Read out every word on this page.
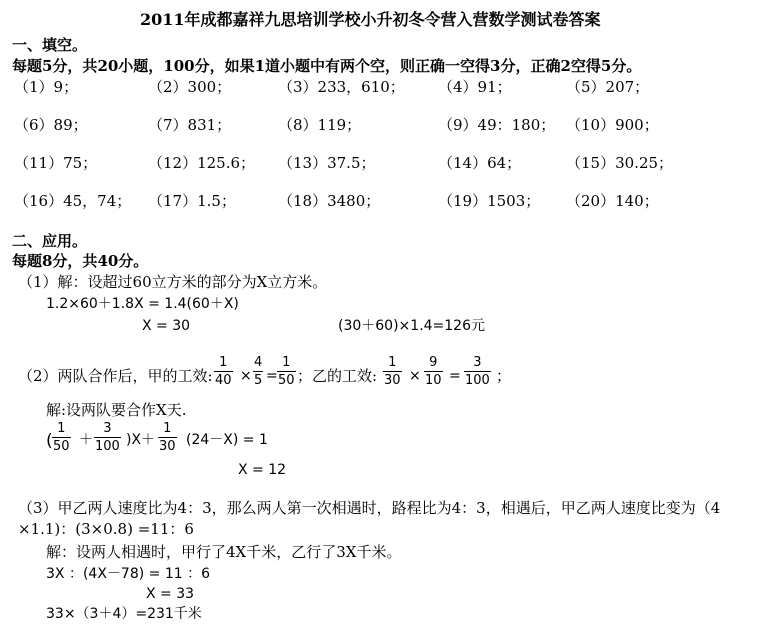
2011年成都嘉祥九思培训学校小升初冬令营入营数学测试卷答案
一、填空。
每题5分，共20小题，100分，如果1道小题中有两个空，则正确一空得3分，正确2空得5分。
（1）9；	（2）300；	（3）233，610； （4）91；	（5）207；
（6）89；	（7）831；	（8）119；	（9）49：180； （10）900；
（11）75；	（12）125.6； （13）37.5；	（14）64；	（15）30.25；
（16）45，74； （17）1.5；	（18）3480；	（19）1503； （20）140；
二、应用。
每题8分，共40分。
（1）解：设超过60立方米的部分为X立方米。
1.2×60＋1.8X = 1.4(60＋X)
X = 30	(30＋60)×1.4=126元
（2）两队合作后，甲的工效:
1
40 ×
4
5 =
1
50 ；乙的工效:
1
30 ×
9
10 =
3
100 ；
解:设两队要合作X天.
(
1
50 ＋
3
100 )X＋
1
30 (24－X) = 1
X = 12
（3）甲乙两人速度比为4：3，那么两人第一次相遇时，路程比为4：3，相遇后，甲乙两人速度比变为（4
×1.1)：(3×0.8) =11：6
解：设两人相遇时，甲行了4X千米，乙行了3X千米。
3X ：(4X－78) = 11 ：6
X = 33
33×（3＋4）=231千米
